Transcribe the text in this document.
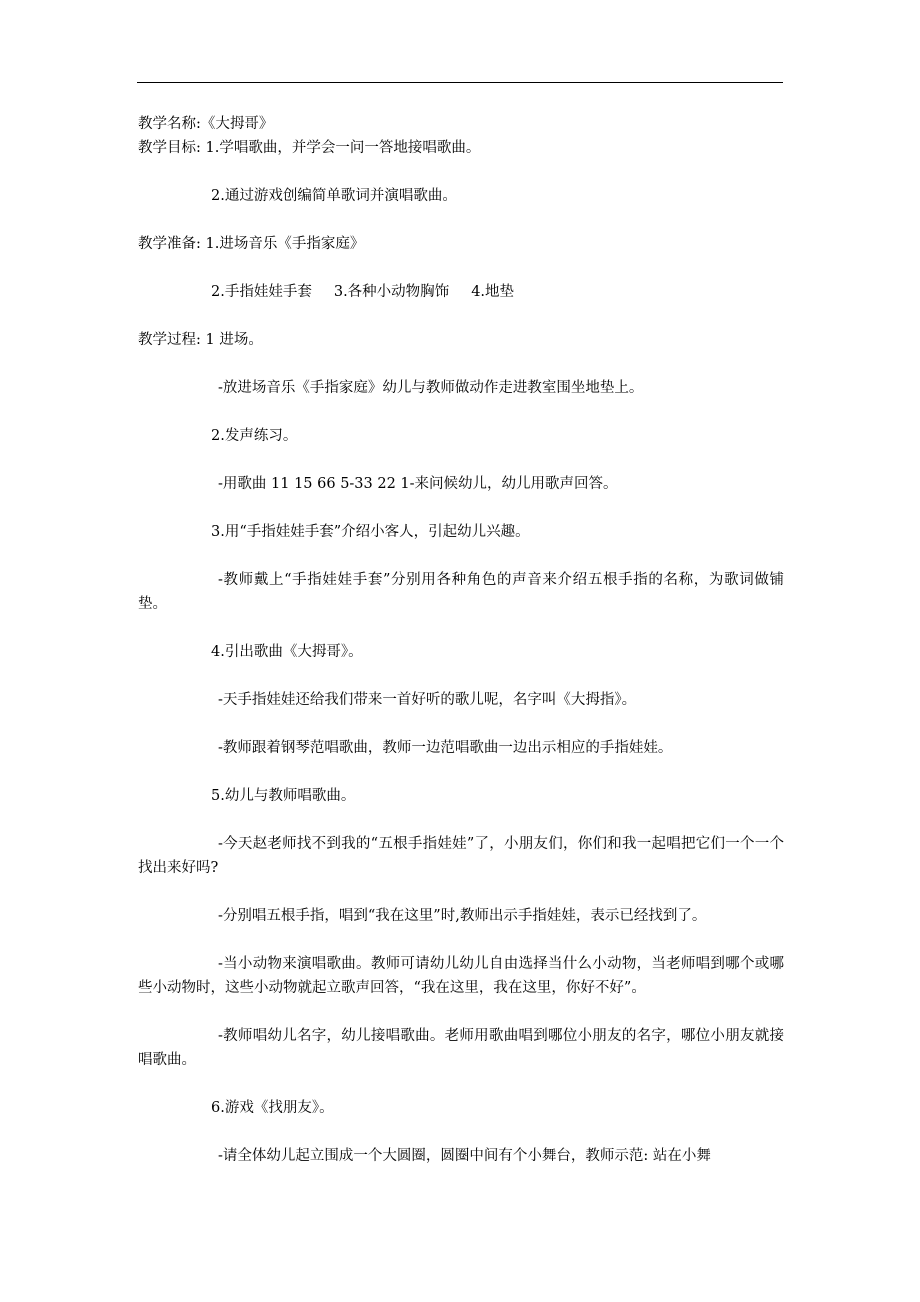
教学名称:《大拇哥》

教学目标: 1.学唱歌曲，并学会一问一答地接唱歌曲。

2.通过游戏创编简单歌词并演唱歌曲。

教学准备: 1.进场音乐《手指家庭》

2.手指娃娃手套 3.各种小动物胸饰 4.地垫

教学过程: 1 进场。

-放进场音乐《手指家庭》幼儿与教师做动作走进教室围坐地垫上。

2.发声练习。

-用歌曲 11 15 66 5-33 22 1-来问候幼儿，幼儿用歌声回答。

3.用“手指娃娃手套”介绍小客人，引起幼儿兴趣。

-教师戴上“手指娃娃手套”分别用各种角色的声音来介绍五根手指的名称，为歌词做铺垫。

4.引出歌曲《大拇哥》。

-天手指娃娃还给我们带来一首好听的歌儿呢，名字叫《大拇指》。

-教师跟着钢琴范唱歌曲，教师一边范唱歌曲一边出示相应的手指娃娃。

5.幼儿与教师唱歌曲。

-今天赵老师找不到我的“五根手指娃娃”了，小朋友们，你们和我一起唱把它们一个一个找出来好吗?

-分别唱五根手指，唱到“我在这里”时,教师出示手指娃娃，表示已经找到了。

-当小动物来演唱歌曲。教师可请幼儿幼儿自由选择当什么小动物，当老师唱到哪个或哪些小动物时，这些小动物就起立歌声回答，“我在这里，我在这里，你好不好”。

-教师唱幼儿名字，幼儿接唱歌曲。老师用歌曲唱到哪位小朋友的名字，哪位小朋友就接唱歌曲。

6.游戏《找朋友》。

-请全体幼儿起立围成一个大圆圈，圆圈中间有个小舞台，教师示范: 站在小舞
